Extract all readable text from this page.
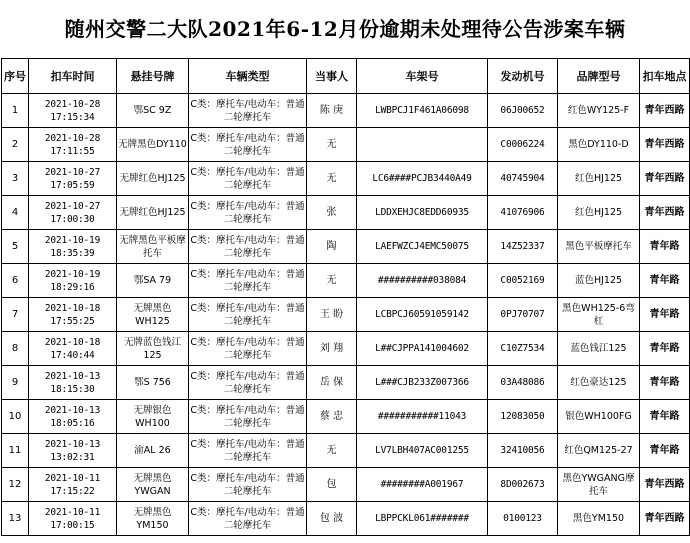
随州交警二大队2021年6-12月份逾期未处理待公告涉案车辆
序号	扣车时间	悬挂号牌	车辆类型	当事人	车架号	发动机号	品牌型号	扣车地点
1	2021-10-28 17:15:34	鄂SC 9Z	C类：摩托车/电动车：普通二轮摩托车	陈 庚	LWBPCJ1F461A06098	06J00652	红色WY125-F	青年西路
2	2021-10-28 17:11:55	无牌黑色DY110	C类：摩托车/电动车：普通二轮摩托车	无		C0006224	黑色DY110-D	青年西路
3	2021-10-27 17:05:59	无牌红色HJ125	C类：摩托车/电动车：普通二轮摩托车	无	LC6####PCJB3440A49	40745904	红色HJ125	青年西路
4	2021-10-27 17:00:30	无牌红色HJ125	C类：摩托车/电动车：普通二轮摩托车	张	LDDXEHJC8EDD60935	41076906	红色HJ125	青年西路
5	2021-10-19 18:35:39	无牌黑色平板摩托车	C类：摩托车/电动车：普通二轮摩托车	陶	LAEFWZCJ4EMC50075	14Z52337	黑色平板摩托车	青年路
6	2021-10-19 18:29:16	鄂SA 79	C类：摩托车/电动车：普通二轮摩托车	无	##########038084	C0052169	蓝色HJ125	青年路
7	2021-10-18 17:55:25	无牌黑色WH125	C类：摩托车/电动车：普通二轮摩托车	王 盼	LCBPCJ60591059142	0PJ70707	黑色WH125-6弯杠	青年路
8	2021-10-18 17:40:44	无牌蓝色钱江125	C类：摩托车/电动车：普通二轮摩托车	刘 翔	L##CJPPA141004602	C10Z7534	蓝色钱江125	青年路
9	2021-10-13 18:15:30	鄂S 756	C类：摩托车/电动车：普通二轮摩托车	岳 保	L###CJB233Z007366	03A48086	红色豪达125	青年路
10	2021-10-13 18:05:16	无牌银色WH100	C类：摩托车/电动车：普通二轮摩托车	蔡 忠	###########11043	12083050	银色WH100FG	青年路
11	2021-10-13 13:02:31	渝AL 26	C类：摩托车/电动车：普通二轮摩托车	无	LV7LBH407AC001255	32410056	红色QM125-27	青年路
12	2021-10-11 17:15:22	无牌黑色YWGAN	C类：摩托车/电动车：普通二轮摩托车	包	########A001967	8D002673	黑色YWGANG摩托车	青年西路
13	2021-10-11 17:00:15	无牌黑色YM150	C类：摩托车/电动车：普通二轮摩托车	包 波	LBPPCKL061#######	0100123	黑色YM150	青年西路
